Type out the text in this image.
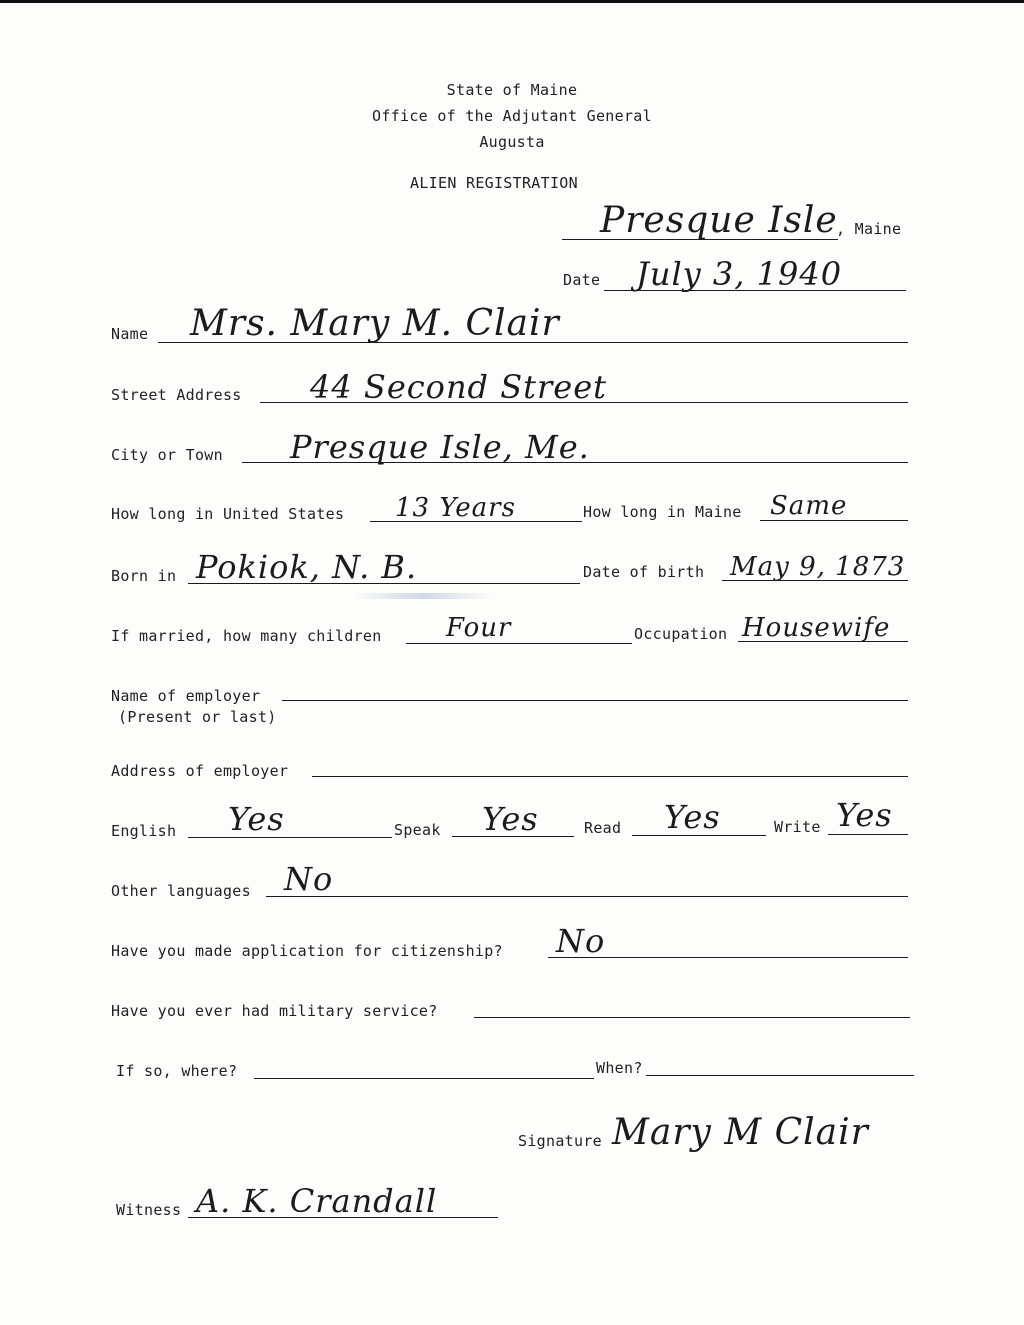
State of Maine
Office of the Adjutant General
Augusta
ALIEN REGISTRATION
Presque Isle
, Maine
Date July 3, 1940
Name Mrs. Mary M. Clair
Street Address 44 Second Street
City or Town Presque Isle, Me.
How long in United States 13 Years	How long in Maine Same
Born in Pokiok, N. B.	Date of birth May 9, 1873
If married, how many children Four	Occupation Housewife
Name of employer
(Present or last)
Address of employer
English Yes	Speak Yes	Read Yes	Write Yes
Other languages No
Have you made application for citizenship? No
Have you ever had military service?
If so, where?	When?
Signature Mary M Clair
Witness A. K. Crandall
